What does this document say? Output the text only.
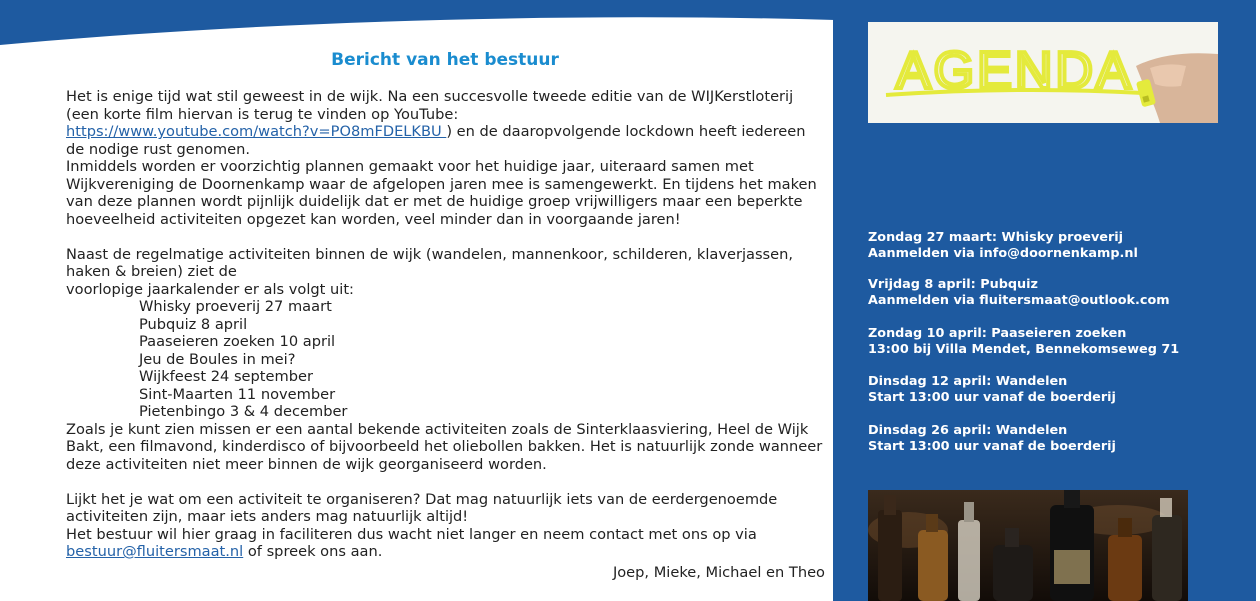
Bericht van het bestuur

Het is enige tijd wat stil geweest in de wijk. Na een succesvolle tweede editie van de WIJKerstloterij (een korte film hiervan is terug te vinden op YouTube:
https://www.youtube.com/watch?v=PO8mFDELKBU ) en de daaropvolgende lockdown heeft iedereen de nodige rust genomen.

Inmiddels worden er voorzichtig plannen gemaakt voor het huidige jaar, uiteraard samen met Wijkvereniging de Doornenkamp waar de afgelopen jaren mee is samengewerkt. En tijdens het maken van deze plannen wordt pijnlijk duidelijk dat er met de huidige groep vrijwilligers maar een beperkte hoeveelheid activiteiten opgezet kan worden, veel minder dan in voorgaande jaren!

Naast de regelmatige activiteiten binnen de wijk (wandelen, mannenkoor, schilderen, klaverjassen, haken & breien) ziet de
voorlopige jaarkalender er als volgt uit:

Whisky proeverij 27 maart
Pubquiz 8 april
Paaseieren zoeken 10 april
Jeu de Boules in mei?
Wijkfeest 24 september
Sint-Maarten 11 november
Pietenbingo 3 & 4 december

Zoals je kunt zien missen er een aantal bekende activiteiten zoals de Sinterklaasviering, Heel de Wijk Bakt, een filmavond, kinderdisco of bijvoorbeeld het oliebollen bakken. Het is natuurlijk zonde wanneer deze activiteiten niet meer binnen de wijk georganiseerd worden.

Lijkt het je wat om een activiteit te organiseren? Dat mag natuurlijk iets van de eerdergenoemde activiteiten zijn, maar iets anders mag natuurlijk altijd!

Het bestuur wil hier graag in faciliteren dus wacht niet langer en neem contact met ons op via
bestuur@fluitersmaat.nl of spreek ons aan.

Joep, Mieke, Michael en Theo
AGENDA
Zondag 27 maart: Whisky proeverij
Aanmelden via info@doornenkamp.nl
Vrijdag 8 april: Pubquiz
Aanmelden via fluitersmaat@outlook.com
Zondag 10 april: Paaseieren zoeken
13:00 bij Villa Mendet, Bennekomseweg 71
Dinsdag 12 april: Wandelen
Start 13:00 uur vanaf de boerderij
Dinsdag 26 april: Wandelen
Start 13:00 uur vanaf de boerderij
